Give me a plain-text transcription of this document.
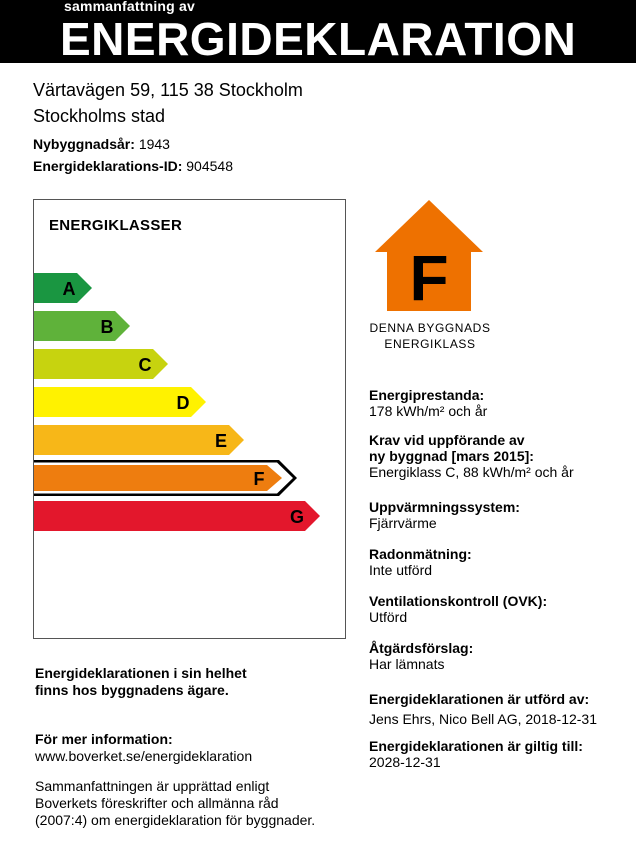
sammanfattning av
ENERGIDEKLARATION
Värtavägen 59, 115 38 Stockholm
Stockholms stad
Nybyggnadsår: 1943
Energideklarations-ID: 904548
ENERGIKLASSER
A
B
C
D
E
F
G
F
DENNA BYGGNADS
ENERGIKLASS
Energiprestanda:
178 kWh/m² och år
Krav vid uppförande av
ny byggnad [mars 2015]:
Energiklass C, 88 kWh/m² och år
Uppvärmningssystem:
Fjärrvärme
Radonmätning:
Inte utförd
Ventilationskontroll (OVK):
Utförd
Åtgärdsförslag:
Har lämnats
Energideklarationen är utförd av:
Jens Ehrs, Nico Bell AG, 2018-12-31
Energideklarationen är giltig till:
2028-12-31
Energideklarationen i sin helhet
finns hos byggnadens ägare.
För mer information:
www.boverket.se/energideklaration
Sammanfattningen är upprättad enligt
Boverkets föreskrifter och allmänna råd
(2007:4) om energideklaration för byggnader.
